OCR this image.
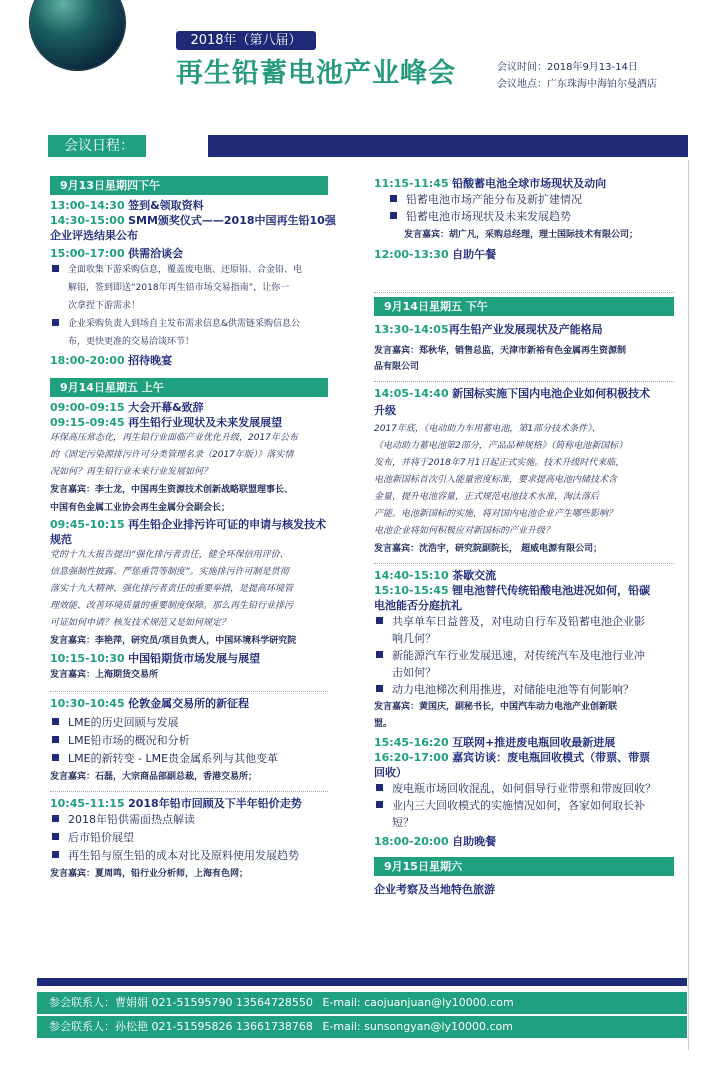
2018年（第八届）
再生铅蓄电池产业峰会	会议时间：2018年9月13-14日
会议地点：广东珠海中海铂尔曼酒店
会议日程：
9月13日星期四下午
13:00-14:30 签到&领取资料
14:30-15:00 SMM颁奖仪式——2018中国再生铅10强
企业评选结果公布
15:00-17:00 供需洽谈会
全面收集下游采购信息，覆盖废电瓶、还原铅、合金铅、电
解铅，签到即送“2018年再生铅市场交易指南”，让你一
次拿捏下游需求！
企业采购负责人到场自主发布需求信息&供需链采购信息公
布，更快更准的交易洽谈环节！
18:00-20:00 招待晚宴
9月14日星期五 上午
09:00-09:15 大会开幕&致辞
09:15-09:45 再生铅行业现状及未来发展展望
环保高压常态化，再生铅行业面临产业优化升级，2017年公布
的《固定污染源排污许可分类管理名录（2017年版）》落实情
况如何？再生铅行业未来行业发展如何？
发言嘉宾：李士龙，中国再生资源技术创新战略联盟理事长、
中国有色金属工业协会再生金属分会副会长；
09:45-10:15 再生铅企业排污许可证的申请与核发技术
规范
党的十九大报告提出“强化排污者责任，健全环保信用评价、
信息强制性披露、严惩重罚等制度”。实施排污许可制是贯彻
落实十九大精神、强化排污者责任的重要举措，是提高环境管
理效能、改善环境质量的重要制度保障。那么再生铅行业排污
可证如何申请？核发技术规范又是如何规定？
发言嘉宾：李艳萍，研究员/项目负责人，中国环境科学研究院
10:15-10:30 中国铅期货市场发展与展望
发言嘉宾：上海期货交易所
10:30-10:45 伦敦金属交易所的新征程
LME的历史回顾与发展
LME铅市场的概况和分析
LME的新转变 - LME贵金属系列与其他变革
发言嘉宾：石磊，大宗商品部副总裁，香港交易所；
10:45-11:15 2018年铅市回顾及下半年铅价走势
2018年铅供需面热点解读
后市铅价展望
再生铅与原生铅的成本对比及原料使用发展趋势
发言嘉宾：夏周鸣，铅行业分析师，上海有色网；
11:15-11:45 铅酸蓄电池全球市场现状及动向
铅蓄电池市场产能分布及新扩建情况
铅蓄电池市场现状及未来发展趋势
发言嘉宾：胡广凡，采购总经理，理士国际技术有限公司；
12:00-13:30 自助午餐
9月14日星期五 下午
13:30-14:05再生铅产业发展现状及产能格局
发言嘉宾：郑秋华，销售总监，天津市新裕有色金属再生资源制
品有限公司
14:05-14:40 新国标实施下国内电池企业如何积极技术
升级
2017年底，《电动助力车用蓄电池，第1部分技术条件》、
《电动助力蓄电池第2部分，产品品种规格》（简称电池新国标）
发布，并将于2018年7月1日起正式实施。技术升级时代来临，
电池新国标首次引入能量密度标准，要求提高电池内储技术含
金量，提升电池容量，正式规范电池技术水准，淘汰落后
产能。电池新国标的实施，将对国内电池企业产生哪些影响？
电池企业将如何积极应对新国标的产业升级？
发言嘉宾：沈浩宇，研究院副院长， 超威电源有限公司；
14:40-15:10 茶歇交流
15:10-15:45 锂电池替代传统铅酸电池进况如何，铅碳
电池能否分庭抗礼
共享单车日益普及，对电动自行车及铅蓄电池企业影
响几何？
新能源汽车行业发展迅速，对传统汽车及电池行业冲
击如何？
动力电池梯次利用推进，对储能电池等有何影响？
发言嘉宾：黄国庆，副秘书长，中国汽车动力电池产业创新联
盟。
15:45-16:20 互联网+推进废电瓶回收最新进展
16:20-17:00 嘉宾访谈：废电瓶回收模式（带票、带票
回收）
废电瓶市场回收混乱，如何倡导行业带票和带废回收？
业内三大回收模式的实施情况如何，各家如何取长补
短？
18:00-20:00 自助晚餐
9月15日星期六
企业考察及当地特色旅游
参会联系人：曹娟娟 021-51595790 13564728550 E-mail: caojuanjuan@ly10000.com
参会联系人：孙松艳 021-51595826 13661738768 E-mail: sunsongyan@ly10000.com
